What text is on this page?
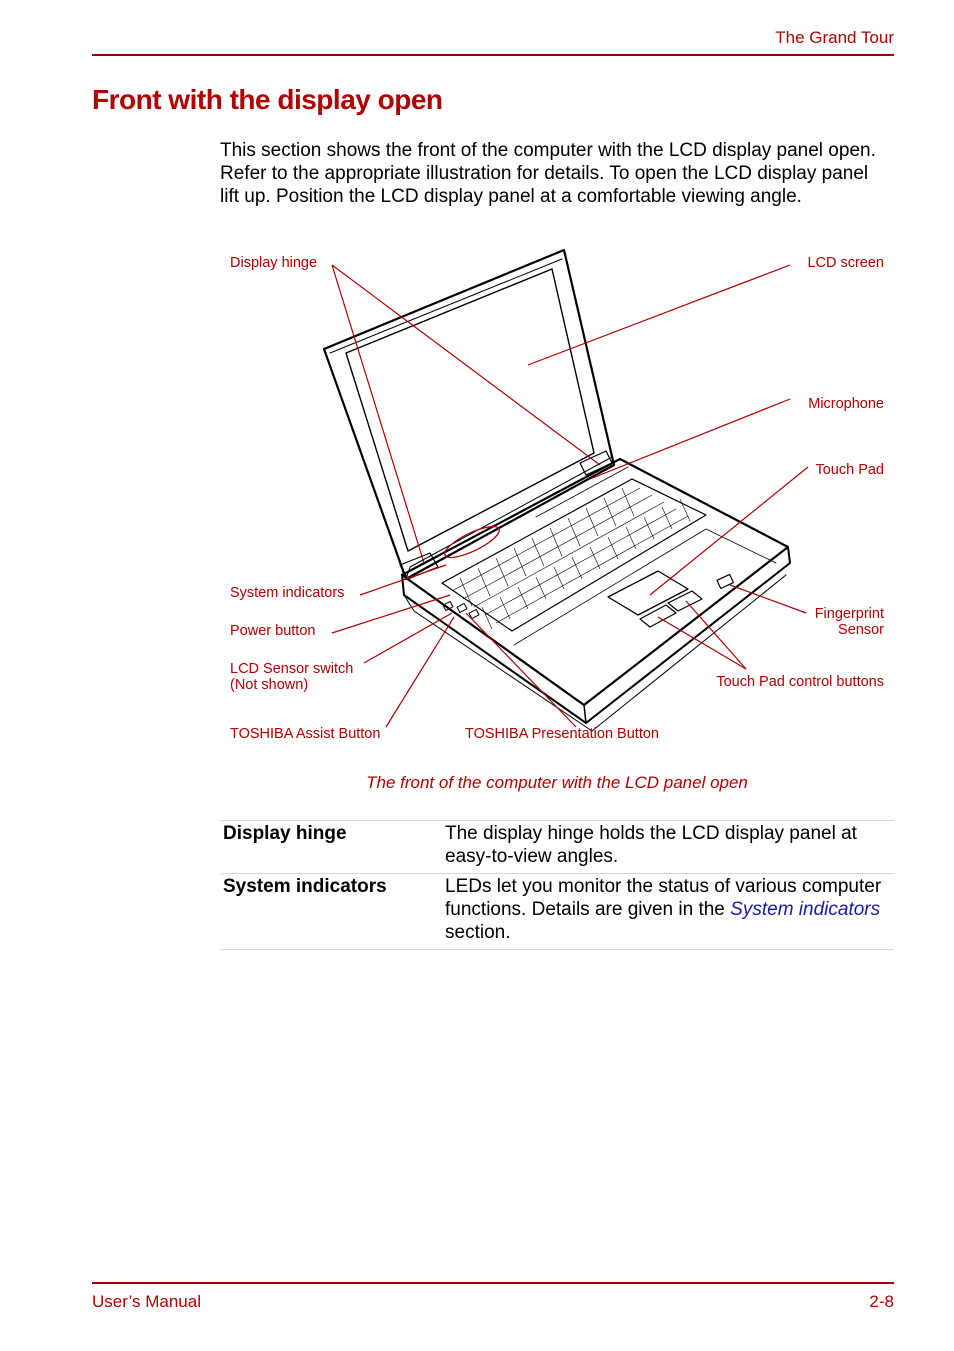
The Grand Tour
Front with the display open

This section shows the front of the computer with the LCD display panel open. Refer to the appropriate illustration for details. To open the LCD display panel lift up. Position the LCD display panel at a comfortable viewing angle.

Display hinge	LCD screen
Microphone
Touch Pad
System indicators
Power button
LCD Sensor switch
(Not shown)
Fingerprint
Sensor
Touch Pad control buttons
TOSHIBA Assist Button	TOSHIBA Presentation Button
The front of the computer with the LCD panel open
Display hinge	The display hinge holds the LCD display panel at easy-to-view angles.
System indicators	LEDs let you monitor the status of various computer functions. Details are given in the System indicators section.
User’s Manual	2-8
